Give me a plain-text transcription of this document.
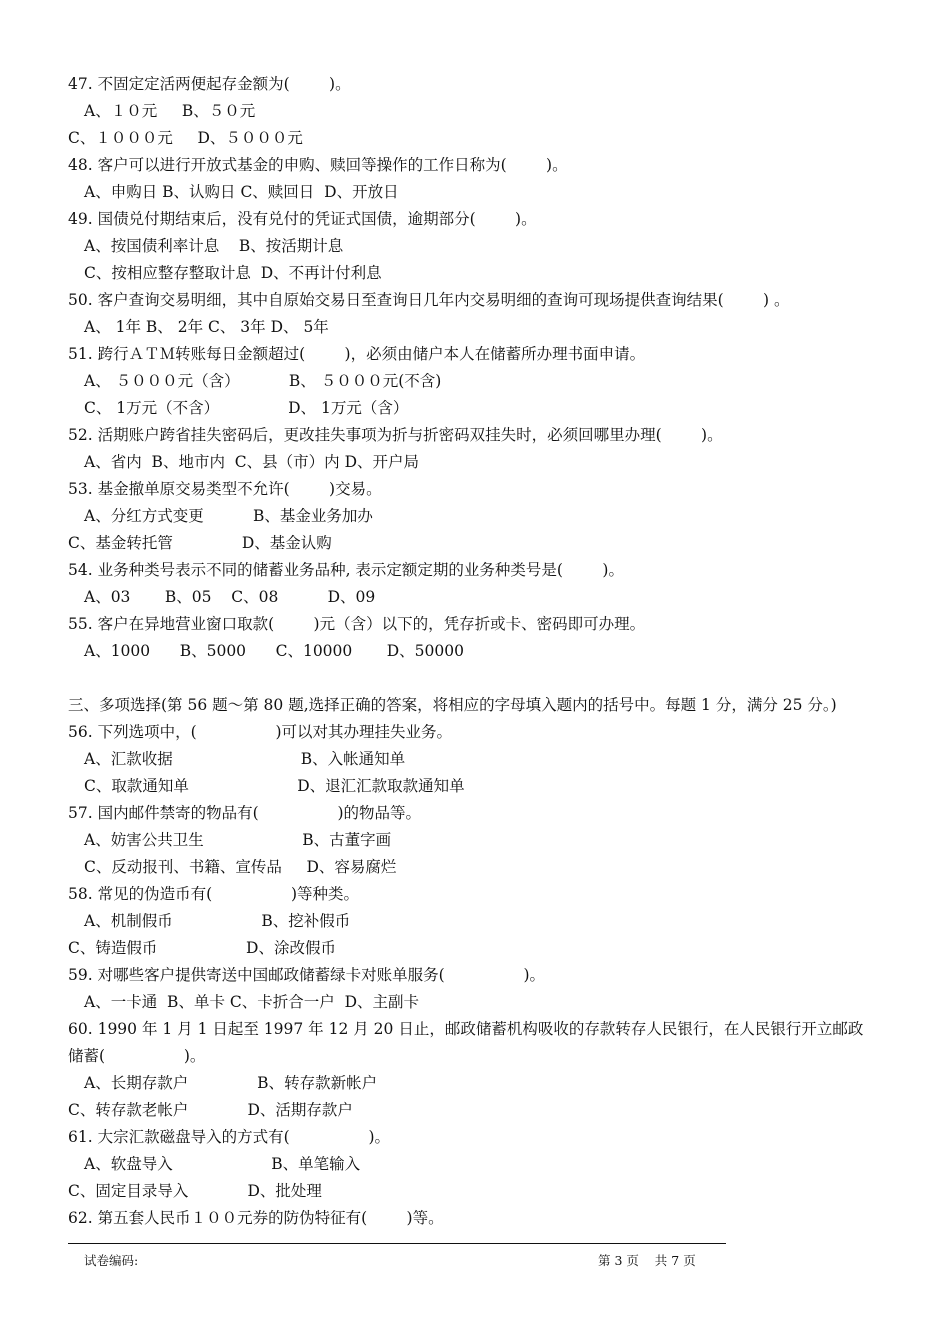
47. 不固定定活两便起存金额为(        )。
A、１０元     B、５０元
C、１０００元     D、５０００元
48. 客户可以进行开放式基金的申购、赎回等操作的工作日称为(        )。
A、申购日 B、认购日 C、赎回日  D、开放日
49. 国债兑付期结束后，没有兑付的凭证式国债，逾期部分(        )。
A、按国债利率计息    B、按活期计息
C、按相应整存整取计息  D、不再计付利息
50. 客户查询交易明细，其中自原始交易日至查询日几年内交易明细的查询可现场提供查询结果(        ) 。
A、 1年 B、 2年 C、 3年 D、 5年
51. 跨行ＡＴＭ转账每日金额超过(        )，必须由储户本人在储蓄所办理书面申请。
A、 ５０００元（含）          B、 ５０００元(不含)
C、 1万元（不含）              D、 1万元（含）
52. 活期账户跨省挂失密码后，更改挂失事项为折与折密码双挂失时，必须回哪里办理(        )。
A、省内  B、地市内  C、县（市）内 D、开户局
53. 基金撤单原交易类型不允许(        )交易。
A、分红方式变更          B、基金业务加办
C、基金转托管              D、基金认购
54. 业务种类号表示不同的储蓄业务品种, 表示定额定期的业务种类号是(        )。
A、03       B、05    C、08          D、09
55. 客户在异地营业窗口取款(        )元（含）以下的，凭存折或卡、密码即可办理。
A、1000      B、5000      C、10000       D、50000
三、多项选择(第 56 题～第 80 题,选择正确的答案，将相应的字母填入题内的括号中。每题 1 分，满分 25 分。)
56. 下列选项中，(                )可以对其办理挂失业务。
A、汇款收据                          B、入帐通知单
C、取款通知单                      D、退汇汇款取款通知单
57. 国内邮件禁寄的物品有(                )的物品等。
A、妨害公共卫生                    B、古董字画
C、反动报刊、书籍、宣传品     D、容易腐烂
58. 常见的伪造币有(                )等种类。
A、机制假币                  B、挖补假币
C、铸造假币                  D、涂改假币
59. 对哪些客户提供寄送中国邮政储蓄绿卡对账单服务(                )。
A、一卡通  B、单卡 C、卡折合一户  D、主副卡
60. 1990 年 1 月 1 日起至 1997 年 12 月 20 日止，邮政储蓄机构吸收的存款转存人民银行，在人民银行开立邮政
储蓄(                )。
A、长期存款户              B、转存款新帐户
C、转存款老帐户            D、活期存款户
61. 大宗汇款磁盘导入的方式有(                )。
A、软盘导入                    B、单笔输入
C、固定目录导入            D、批处理
62. 第五套人民币１００元券的防伪特征有(        )等。
试卷编码:	第 3 页    共 7 页
